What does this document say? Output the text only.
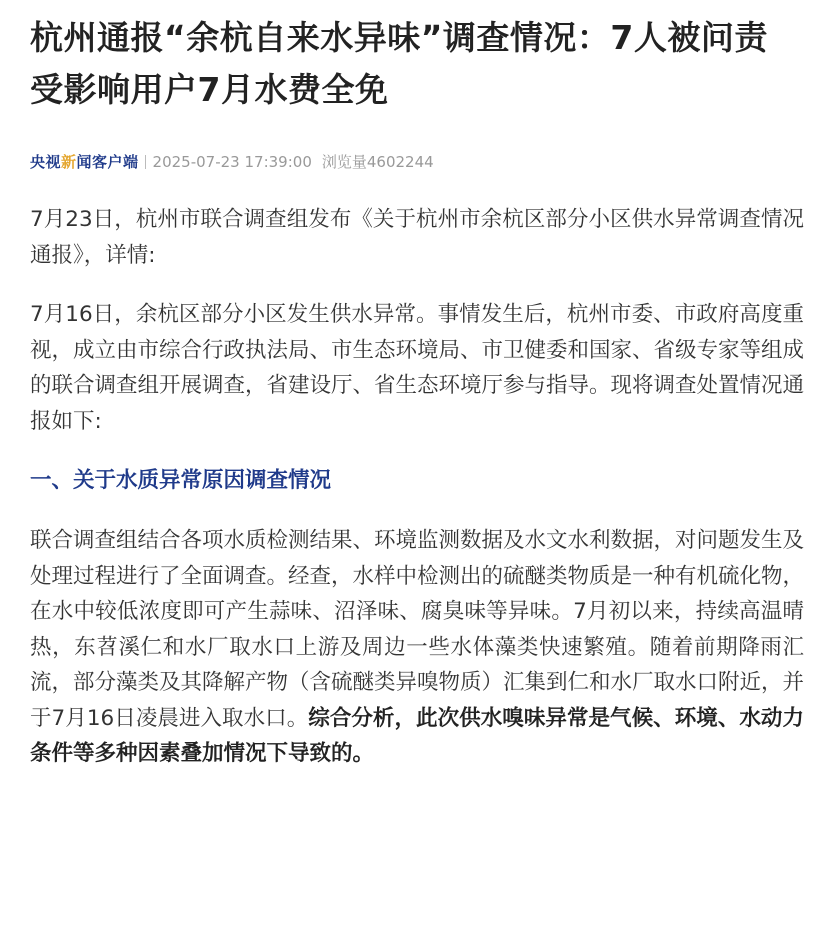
杭州通报“余杭自来水异味”调查情况：7人被问责 受影响用户7月水费全免
央视新闻客户端 2025-07-23 17:39:00 浏览量 4602244

7月23日，杭州市联合调查组发布《关于杭州市余杭区部分小区供水异常调查情况通报》，详情:

7月16日，余杭区部分小区发生供水异常。事情发生后，杭州市委、市政府高度重视，成立由市综合行政执法局、市生态环境局、市卫健委和国家、省级专家等组成的联合调查组开展调查，省建设厅、省生态环境厅参与指导。现将调查处置情况通报如下:

一、关于水质异常原因调查情况

联合调查组结合各项水质检测结果、环境监测数据及水文水利数据，对问题发生及处理过程进行了全面调查。经查，水样中检测出的硫醚类物质是一种有机硫化物，在水中较低浓度即可产生蒜味、沼泽味、腐臭味等异味。7月初以来，持续高温晴热，东苕溪仁和水厂取水口上游及周边一些水体藻类快速繁殖。随着前期降雨汇流，部分藻类及其降解产物（含硫醚类异嗅物质）汇集到仁和水厂取水口附近，并于7月16日凌晨进入取水口。综合分析，此次供水嗅味异常是气候、环境、水动力条件等多种因素叠加情况下导致的。
